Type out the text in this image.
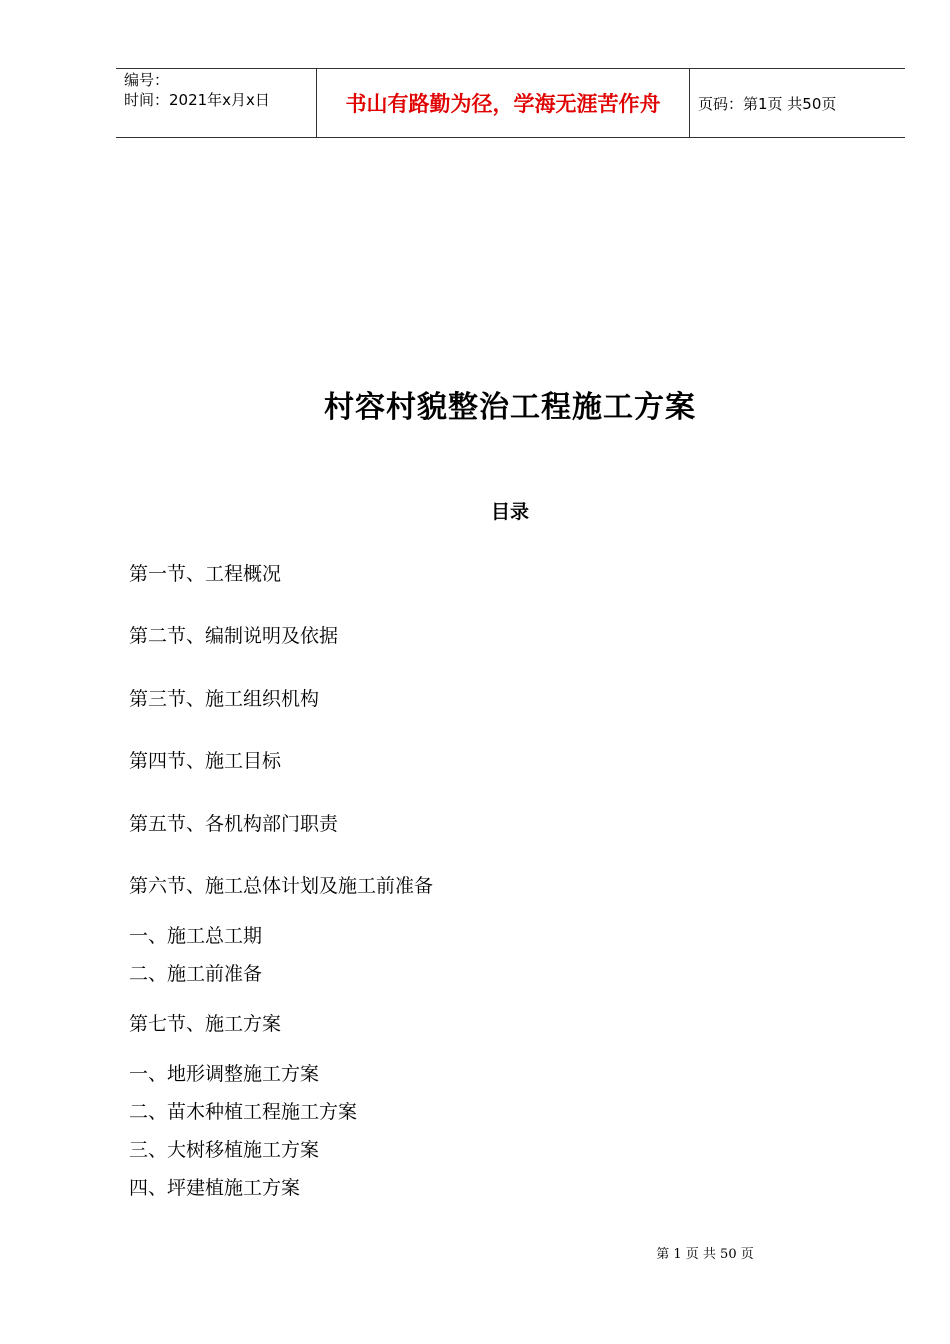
编号：
时间：2021年x月x日	书山有路勤为径，学海无涯苦作舟	页码：第1页 共50页
村容村貌整治工程施工方案
目录
第一节、工程概况
第二节、编制说明及依据
第三节、施工组织机构
第四节、施工目标
第五节、各机构部门职责
第六节、施工总体计划及施工前准备
一、施工总工期
二、施工前准备
第七节、施工方案
一、地形调整施工方案
二、苗木种植工程施工方案
三、大树移植施工方案
四、坪建植施工方案
第 1 页 共 50 页
